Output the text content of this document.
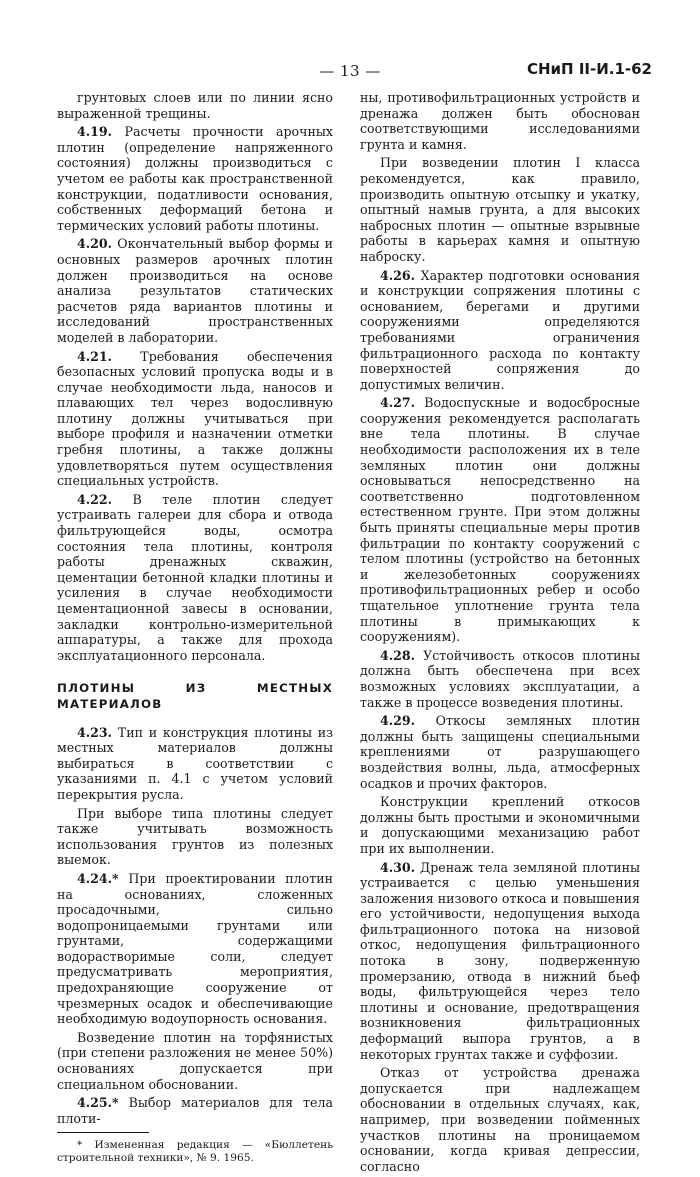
— 13 —	СНиП II-И.1-62

грунтовых слоев или по линии ясно выраженной трещины.

4.19. Расчеты прочности арочных плотин (определение напряженного состояния) должны производиться с учетом ее работы как пространственной конструкции, податливости основания, собственных деформаций бетона и термических условий работы плотины.

4.20. Окончательный выбор формы и основных размеров арочных плотин должен производиться на основе анализа результатов статических расчетов ряда вариантов плотины и исследований пространственных моделей в лаборатории.

4.21. Требования обеспечения безопасных условий пропуска воды и в случае необходимости льда, наносов и плавающих тел через водосливную плотину должны учитываться при выборе профиля и назначении отметки гребня плотины, а также должны удовлетворяться путем осуществления специальных устройств.

4.22. В теле плотин следует устраивать галереи для сбора и отвода фильтрующейся воды, осмотра состояния тела плотины, контроля работы дренажных скважин, цементации бетонной кладки плотины и усиления в случае необходимости цементационной завесы в основании, закладки контрольно-измерительной аппаратуры, а также для прохода эксплуатационного персонала.

ПЛОТИНЫ ИЗ МЕСТНЫХ МАТЕРИАЛОВ

4.23. Тип и конструкция плотины из местных материалов должны выбираться в соответствии с указаниями п. 4.1 с учетом условий перекрытия русла.

При выборе типа плотины следует также учитывать возможность использования грунтов из полезных выемок.

4.24.* При проектировании плотин на основаниях, сложенных просадочными, сильно водопроницаемыми грунтами или грунтами, содержащими водорастворимые соли, следует предусматривать мероприятия, предохраняющие сооружение от чрезмерных осадок и обеспечивающие необходимую водоупорность основания.

Возведение плотин на торфянистых (при степени разложения не менее 50%) основаниях допускается при специальном обосновании.

4.25.* Выбор материалов для тела плоти-

* Измененная редакция — «Бюллетень строительной техники», № 9. 1965.

ны, противофильтрационных устройств и дренажа должен быть обоснован соответствующими исследованиями грунта и камня.

При возведении плотин I класса рекомендуется, как правило, производить опытную отсыпку и укатку, опытный намыв грунта, а для высоких набросных плотин — опытные взрывные работы в карьерах камня и опытную наброску.

4.26. Характер подготовки основания и конструкции сопряжения плотины с основанием, берегами и другими сооружениями определяются требованиями ограничения фильтрационного расхода по контакту поверхностей сопряжения до допустимых величин.

4.27. Водоспускные и водосбросные сооружения рекомендуется располагать вне тела плотины. В случае необходимости расположения их в теле земляных плотин они должны основываться непосредственно на соответственно подготовленном естественном грунте. При этом должны быть приняты специальные меры против фильтрации по контакту сооружений с телом плотины (устройство на бетонных и железобетонных сооружениях противофильтрационных ребер и особо тщательное уплотнение грунта тела плотины в примыкающих к сооружениям).

4.28. Устойчивость откосов плотины должна быть обеспечена при всех возможных условиях эксплуатации, а также в процессе возведения плотины.

4.29. Откосы земляных плотин должны быть защищены специальными креплениями от разрушающего воздействия волны, льда, атмосферных осадков и прочих факторов.

Конструкции креплений откосов должны быть простыми и экономичными и допускающими механизацию работ при их выполнении.

4.30. Дренаж тела земляной плотины устраивается с целью уменьшения заложения низового откоса и повышения его устойчивости, недопущения выхода фильтрационного потока на низовой откос, недопущения фильтрационного потока в зону, подверженную промерзанию, отвода в нижний бьеф воды, фильтрующейся через тело плотины и основание, предотвращения возникновения фильтрационных деформаций выпора грунтов, а в некоторых грунтах также и суффозии.

Отказ от устройства дренажа допускается при надлежащем обосновании в отдельных случаях, как, например, при возведении пойменных участков плотины на проницаемом основании, когда кривая депрессии, согласно
